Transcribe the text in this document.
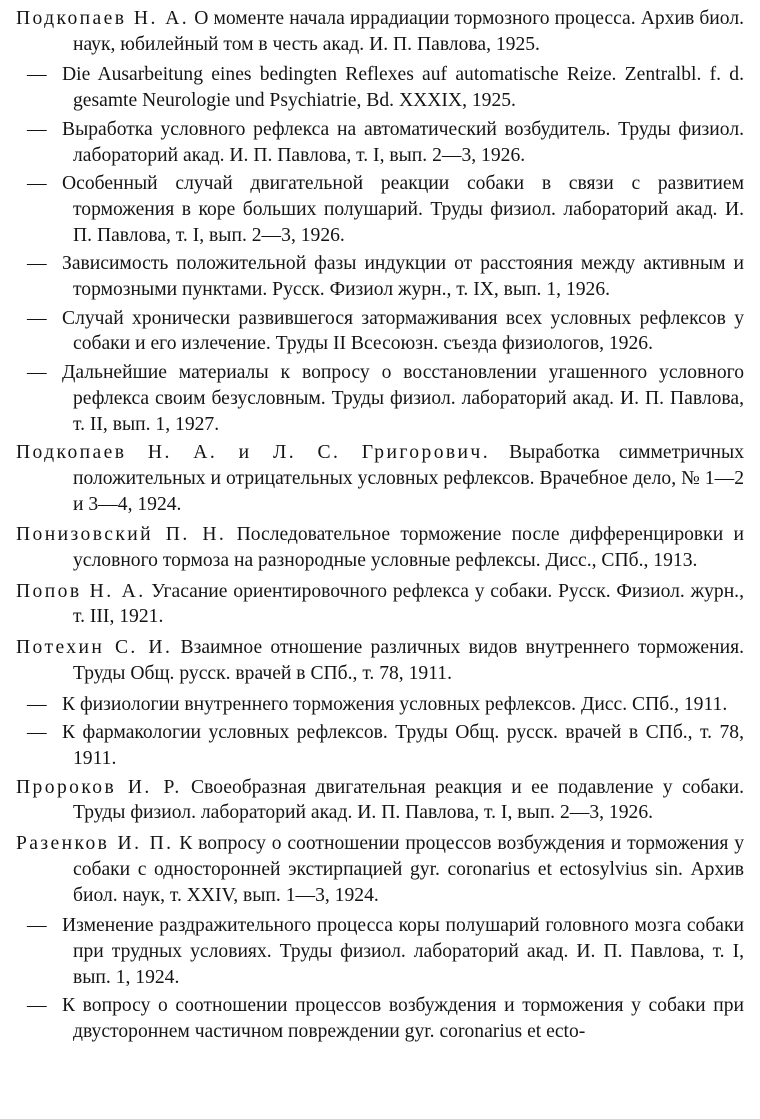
Подкопаев Н. А. О моменте начала иррадиации тормозного процесса. Архив биол. наук, юбилейный том в честь акад. И. П. Павлова, 1925.

— Die Ausarbeitung eines bedingten Reflexes auf automatische Reize. Zentralbl. f. d. gesamte Neurologie und Psychiatrie, Bd. XXXIX, 1925.

— Выработка условного рефлекса на автоматический возбудитель. Труды физиол. лабораторий акад. И. П. Павлова, т. I, вып. 2—3, 1926.

— Особенный случай двигательной реакции собаки в связи с развитием торможения в коре больших полушарий. Труды физиол. лабораторий акад. И. П. Павлова, т. I, вып. 2—3, 1926.

— Зависимость положительной фазы индукции от расстояния между активным и тормозными пунктами. Русск. Физиол журн., т. IX, вып. 1, 1926.

— Случай хронически развившегося затормаживания всех условных рефлексов у собаки и его излечение. Труды II Всесоюзн. съезда физиологов, 1926.

— Дальнейшие материалы к вопросу о восстановлении угашенного условного рефлекса своим безусловным. Труды физиол. лабораторий акад. И. П. Павлова, т. II, вып. 1, 1927.

Подкопаев Н. А. и Л. С. Григорович. Выработка симметричных положительных и отрицательных условных рефлексов. Врачебное дело, № 1—2 и 3—4, 1924.

Понизовский П. Н. Последовательное торможение после дифференцировки и условного тормоза на разнородные условные рефлексы. Дисс., СПб., 1913.

Попов Н. А. Угасание ориентировочного рефлекса у собаки. Русск. Физиол. журн., т. III, 1921.

Потехин С. И. Взаимное отношение различных видов внутреннего торможения. Труды Общ. русск. врачей в СПб., т. 78, 1911.

— К физиологии внутреннего торможения условных рефлексов. Дисс. СПб., 1911.

— К фармакологии условных рефлексов. Труды Общ. русск. врачей в СПб., т. 78, 1911.

Пророков И. Р. Своеобразная двигательная реакция и ее подавление у собаки. Труды физиол. лабораторий акад. И. П. Павлова, т. I, вып. 2—3, 1926.

Разенков И. П. К вопросу о соотношении процессов возбуждения и торможения у собаки с односторонней экстирпацией gyr. coronarius et ectosylvius sin. Архив биол. наук, т. XXIV, вып. 1—3, 1924.

— Изменение раздражительного процесса коры полушарий головного мозга собаки при трудных условиях. Труды физиол. лабораторий акад. И. П. Павлова, т. I, вып. 1, 1924.

— К вопросу о соотношении процессов возбуждения и торможения у собаки при двустороннем частичном повреждении gyr. coronarius et ecto-
